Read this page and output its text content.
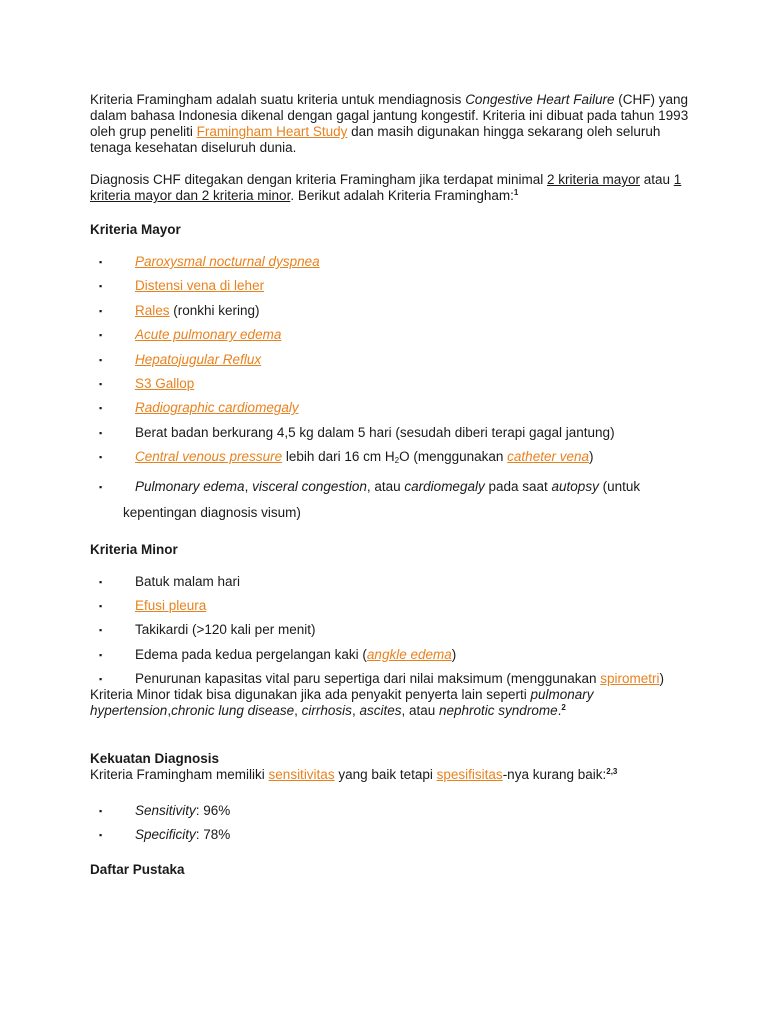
Kriteria Framingham adalah suatu kriteria untuk mendiagnosis Congestive Heart Failure (CHF) yang dalam bahasa Indonesia dikenal dengan gagal jantung kongestif. Kriteria ini dibuat pada tahun 1993 oleh grup peneliti Framingham Heart Study dan masih digunakan hingga sekarang oleh seluruh tenaga kesehatan diseluruh dunia.

Diagnosis CHF ditegakan dengan kriteria Framingham jika terdapat minimal 2 kriteria mayor atau 1 kriteria mayor dan 2 kriteria minor. Berikut adalah Kriteria Framingham:$^1$

Kriteria Mayor
▪ Paroxysmal nocturnal dyspnea
▪ Distensi vena di leher
▪ Rales (ronkhi kering)
▪ Acute pulmonary edema
▪ Hepatojugular Reflux
▪ S3 Gallop
▪ Radiographic cardiomegaly
▪ Berat badan berkurang 4,5 kg dalam 5 hari (sesudah diberi terapi gagal jantung)
▪ Central venous pressure lebih dari 16 cm $H_2O$ (menggunakan catheter vena)
▪ Pulmonary edema, visceral congestion, atau cardiomegaly pada saat autopsy (untuk
kepentingan diagnosis visum)
Kriteria Minor
▪ Batuk malam hari
▪ Efusi pleura
▪ Takikardi (>120 kali per menit)
▪ Edema pada kedua pergelangan kaki (angkle edema)
▪ Penurunan kapasitas vital paru sepertiga dari nilai maksimum (menggunakan spirometri)

Kriteria Minor tidak bisa digunakan jika ada penyakit penyerta lain seperti pulmonary hypertension,chronic lung disease, cirrhosis, ascites, atau nephrotic syndrome.$^2$

Kekuatan Diagnosis

Kriteria Framingham memiliki sensitivitas yang baik tetapi spesifisitas-nya kurang baik:$^{2,3}$

▪ Sensitivity: 96%
▪ Specificity: 78%
Daftar Pustaka
